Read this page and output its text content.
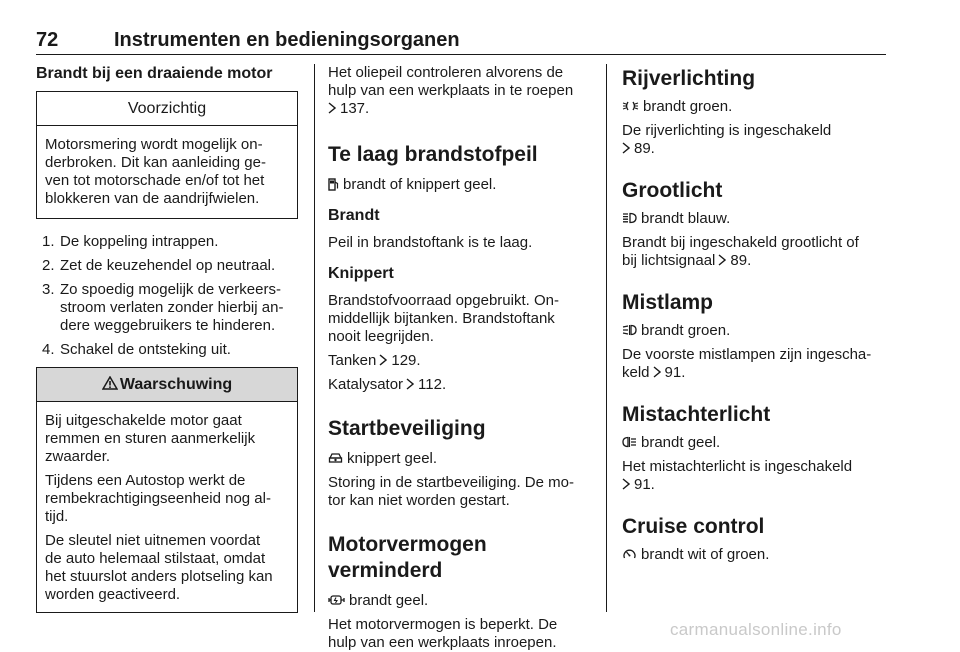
72	Instrumenten en bedieningsorganen

Brandt bij een draaiende motor

Voorzichtig

Motorsmering wordt mogelijk on-

derbroken. Dit kan aanleiding ge-

ven tot motorschade en/of tot het

blokkeren van de aandrijfwielen.

1. De koppeling intrappen.
2. Zet de keuzehendel op neutraal.
3. Zo spoedig mogelijk de verkeers-
stroom verlaten zonder hierbij an-
dere weggebruikers te hinderen.
4. Schakel de ontsteking uit.
Waarschuwing

Bij uitgeschakelde motor gaat
remmen en sturen aanmerkelijk
zwaarder.

Tijdens een Autostop werkt de
rembekrachtigingseenheid nog al-
tijd.

De sleutel niet uitnemen voordat
de auto helemaal stilstaat, omdat
het stuurslot anders plotseling kan
worden geactiveerd.

Het oliepeil controleren alvorens de
hulp van een werkplaats in te roepen
137.

Te laag brandstofpeil

brandt of knippert geel.

Brandt

Peil in brandstoftank is te laag.

Knippert

Brandstofvoorraad opgebruikt. On-
middellijk bijtanken. Brandstoftank
nooit leegrijden.

Tanken 129.

Katalysator 112.

Startbeveiliging

knippert geel.

Storing in de startbeveiliging. De mo-
tor kan niet worden gestart.

Motorvermogen verminderd

brandt geel.

Het motorvermogen is beperkt. De
hulp van een werkplaats inroepen.

Rijverlichting

brandt groen.

De rijverlichting is ingeschakeld
89.

Grootlicht

brandt blauw.

Brandt bij ingeschakeld grootlicht of
bij lichtsignaal 89.

Mistlamp

brandt groen.

De voorste mistlampen zijn ingescha-
keld 91.

Mistachterlicht

brandt geel.

Het mistachterlicht is ingeschakeld
91.

Cruise control

brandt wit of groen.

carmanualsonline.info
